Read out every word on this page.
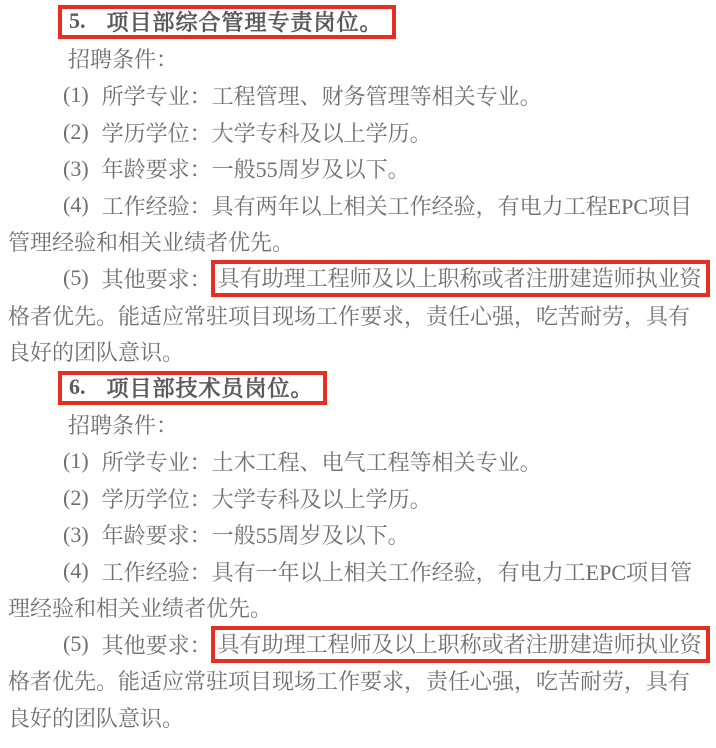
5. 项目部综合管理专责岗位。
招聘条件：
(1) 所学专业：工程管理、财务管理等相关专业。
(2) 学历学位：大学专科及以上学历。
(3) 年龄要求：一般55周岁及以下。
(4) 工作经验：具有两年以上相关工作经验，有电力工程EPC项目
管理经验和相关业绩者优先。
(5) 其他要求： 具有助理工程师及以上职称或者注册建造师执业资
格者优先。能适应常驻项目现场工作要求，责任心强，吃苦耐劳，具有
良好的团队意识。
6. 项目部技术员岗位。
招聘条件：
(1) 所学专业：土木工程、电气工程等相关专业。
(2) 学历学位：大学专科及以上学历。
(3) 年龄要求：一般55周岁及以下。
(4) 工作经验：具有一年以上相关工作经验，有电力工EPC项目管
理经验和相关业绩者优先。
(5) 其他要求： 具有助理工程师及以上职称或者注册建造师执业资
格者优先。能适应常驻项目现场工作要求，责任心强，吃苦耐劳，具有
良好的团队意识。
